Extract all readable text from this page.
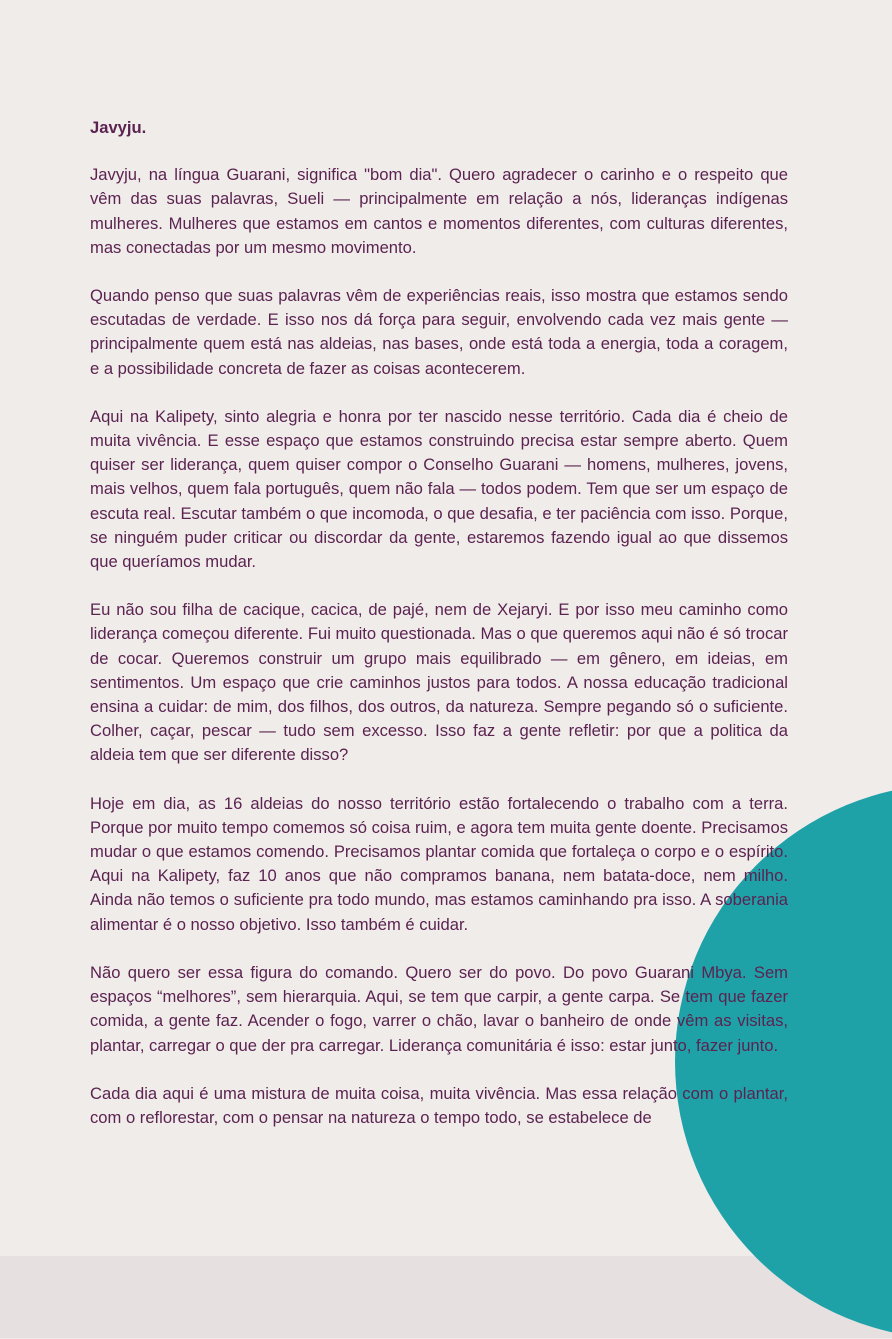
Javyju.

Javyju, na língua Guarani, significa "bom dia". Quero agradecer o carinho e o respeito que vêm das suas palavras, Sueli — principalmente em relação a nós, lideranças indígenas mulheres. Mulheres que estamos em cantos e momentos diferentes, com culturas diferentes, mas conectadas por um mesmo movimento.

Quando penso que suas palavras vêm de experiências reais, isso mostra que estamos sendo escutadas de verdade. E isso nos dá força para seguir, envolvendo cada vez mais gente — principalmente quem está nas aldeias, nas bases, onde está toda a energia, toda a coragem, e a possibilidade concreta de fazer as coisas acontecerem.

Aqui na Kalipety, sinto alegria e honra por ter nascido nesse território. Cada dia é cheio de muita vivência. E esse espaço que estamos construindo precisa estar sempre aberto. Quem quiser ser liderança, quem quiser compor o Conselho Guarani — homens, mulheres, jovens, mais velhos, quem fala português, quem não fala — todos podem. Tem que ser um espaço de escuta real. Escutar também o que incomoda, o que desafia, e ter paciência com isso. Porque, se ninguém puder criticar ou discordar da gente, estaremos fazendo igual ao que dissemos que queríamos mudar.

Eu não sou filha de cacique, cacica, de pajé, nem de Xejaryi. E por isso meu caminho como liderança começou diferente. Fui muito questionada. Mas o que queremos aqui não é só trocar de cocar. Queremos construir um grupo mais equilibrado — em gênero, em ideias, em sentimentos. Um espaço que crie caminhos justos para todos. A nossa educação tradicional ensina a cuidar: de mim, dos filhos, dos outros, da natureza. Sempre pegando só o suficiente. Colher, caçar, pescar — tudo sem excesso. Isso faz a gente refletir: por que a politica da aldeia tem que ser diferente disso?

Hoje em dia, as 16 aldeias do nosso território estão fortalecendo o trabalho com a terra. Porque por muito tempo comemos só coisa ruim, e agora tem muita gente doente. Precisamos mudar o que estamos comendo. Precisamos plantar comida que fortaleça o corpo e o espírito. Aqui na Kalipety, faz 10 anos que não compramos banana, nem batata-doce, nem milho. Ainda não temos o suficiente pra todo mundo, mas estamos caminhando pra isso. A soberania alimentar é o nosso objetivo. Isso também é cuidar.

Não quero ser essa figura do comando. Quero ser do povo. Do povo Guarani Mbya. Sem espaços “melhores”, sem hierarquia. Aqui, se tem que carpir, a gente carpa. Se tem que fazer comida, a gente faz. Acender o fogo, varrer o chão, lavar o banheiro de onde vêm as visitas, plantar, carregar o que der pra carregar. Liderança comunitária é isso: estar junto, fazer junto.

Cada dia aqui é uma mistura de muita coisa, muita vivência. Mas essa relação com o plantar, com o reflorestar, com o pensar na natureza o tempo todo, se estabelece de
